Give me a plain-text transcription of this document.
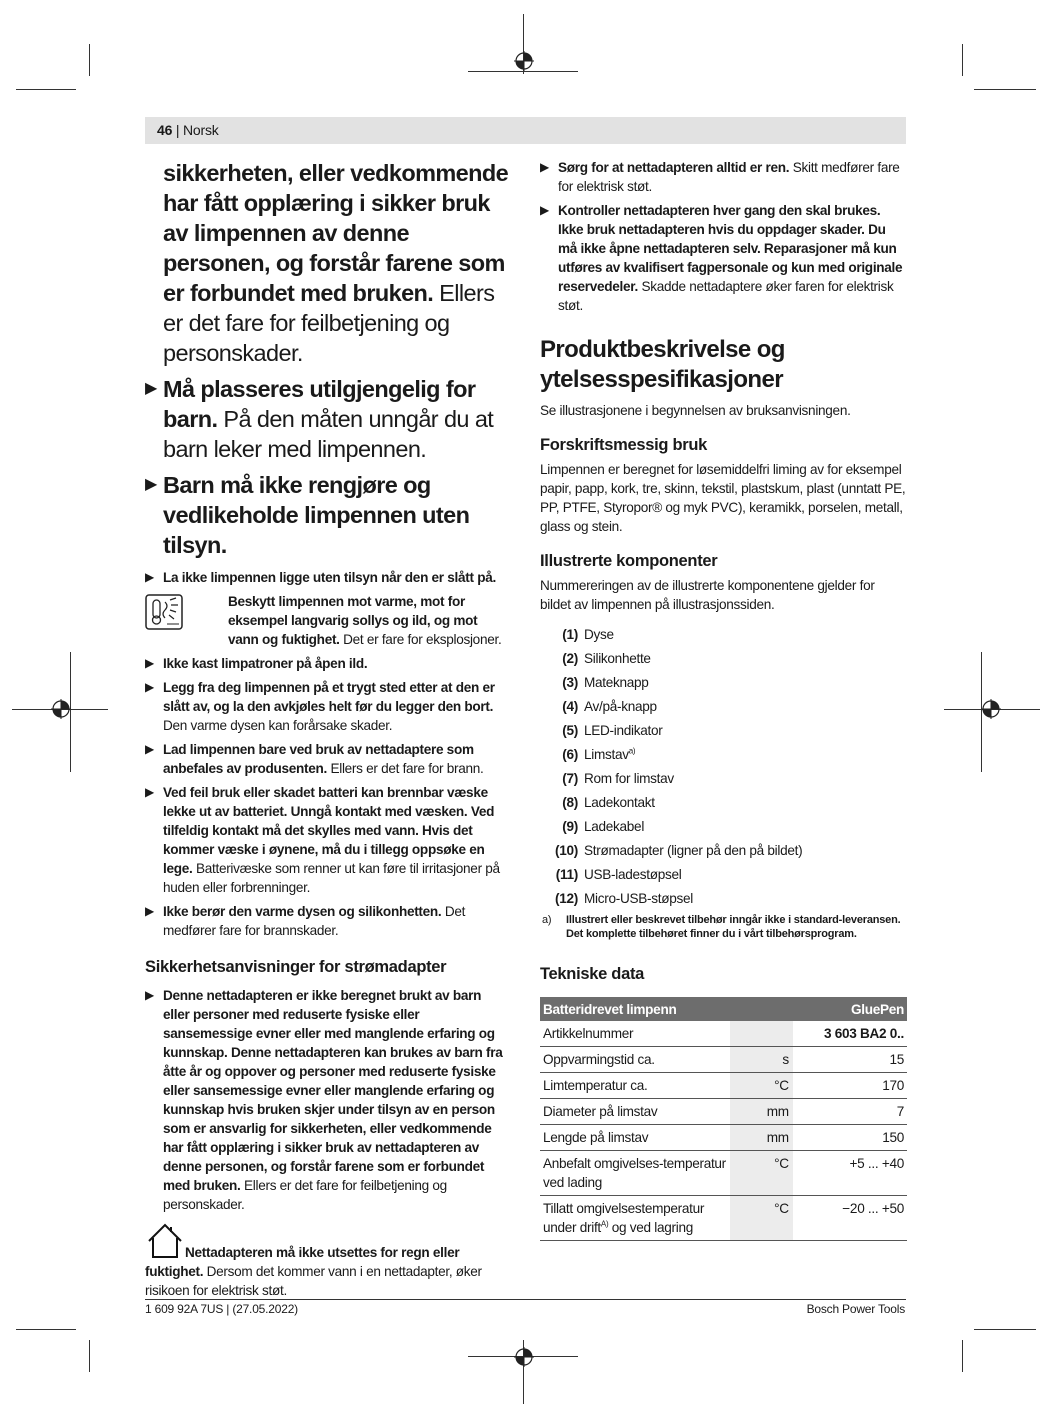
46 | Norsk
sikkerheten, eller vedkommende har fått opplæring i sikker bruk av limpennen av denne personen, og forstår farene som er forbundet med bruken. Ellers er det fare for feilbetjening og personskader.
▶ Må plasseres utilgjengelig for barn. På den måten unngår du at barn leker med limpennen.
▶ Barn må ikke rengjøre og vedlikeholde limpennen uten tilsyn.
▶ La ikke limpennen ligge uten tilsyn når den er slått på.
Beskytt limpennen mot varme, mot for eksempel langvarig sollys og ild, og mot vann og fuktighet. Det er fare for eksplosjoner.
▶ Ikke kast limpatroner på åpen ild.
▶ Legg fra deg limpennen på et trygt sted etter at den er slått av, og la den avkjøles helt før du legger den bort. Den varme dysen kan forårsake skader.
▶ Lad limpennen bare ved bruk av nettadaptere som anbefales av produsenten. Ellers er det fare for brann.
▶ Ved feil bruk eller skadet batteri kan brennbar væske lekke ut av batteriet. Unngå kontakt med væsken. Ved tilfeldig kontakt må det skylles med vann. Hvis det kommer væske i øynene, må du i tillegg oppsøke en lege. Batterivæske som renner ut kan føre til irritasjoner på huden eller forbrenninger.
▶ Ikke berør den varme dysen og silikonhetten. Det medfører fare for brannskader.
Sikkerhetsanvisninger for strømadapter
▶ Denne nettadapteren er ikke beregnet brukt av barn eller personer med reduserte fysiske eller sansemessige evner eller med manglende erfaring og kunnskap. Denne nettadapteren kan brukes av barn fra åtte år og oppover og personer med reduserte fysiske eller sansemessige evner eller manglende erfaring og kunnskap hvis bruken skjer under tilsyn av en person som er ansvarlig for sikkerheten, eller vedkommende har fått opplæring i sikker bruk av nettadapteren av denne personen, og forstår farene som er forbundet med bruken. Ellers er det fare for feilbetjening og personskader.
Nettadapteren må ikke utsettes for regn eller fuktighet. Dersom det kommer vann i en nettadapter, øker risikoen for elektrisk støt.
▶ Sørg for at nettadapteren alltid er ren. Skitt medfører fare for elektrisk støt.
▶ Kontroller nettadapteren hver gang den skal brukes. Ikke bruk nettadapteren hvis du oppdager skader. Du må ikke åpne nettadapteren selv. Reparasjoner må kun utføres av kvalifisert fagpersonale og kun med originale reservedeler. Skadde nettadaptere øker faren for elektrisk støt.
Produktbeskrivelse og ytelsesspesifikasjoner

Se illustrasjonene i begynnelsen av bruksanvisningen.

Forskriftsmessig bruk

Limpennen er beregnet for løsemiddelfri liming av for eksempel papir, papp, kork, tre, skinn, tekstil, plastskum, plast (unntatt PE, PP, PTFE, Styropor® og myk PVC), keramikk, porselen, metall, glass og stein.

Illustrerte komponenter

Nummereringen av de illustrerte komponentene gjelder for bildet av limpennen på illustrasjonssiden.

(1) Dyse
(2) Silikonhette
(3) Mateknapp
(4) Av/på-knapp
(5) LED-indikator
(6) Limstav$^{a)}$
(7) Rom for limstav
(8) Ladekontakt
(9) Ladekabel
(10) Strømadapter (ligner på den på bildet)
(11) USB-ladestøpsel
(12) Micro-USB-støpsel
a) Illustrert eller beskrevet tilbehør inngår ikke i standard-leveransen. Det komplette tilbehøret finner du i vårt tilbehørsprogram.
Tekniske data
Batteridrevet limpenn		GluePen
Artikkelnummer		3 603 BA2 0..
Oppvarmingstid ca.	s	15
Limtemperatur ca.	°C	170
Diameter på limstav	mm	7
Lengde på limstav	mm	150
Anbefalt omgivelses-temperatur ved lading	°C	+5 ... +40
Tillatt omgivelsestemperatur under drift$^{A)}$ og ved lagring	°C	−20 ... +50
1 609 92A 7US | (27.05.2022)	Bosch Power Tools
